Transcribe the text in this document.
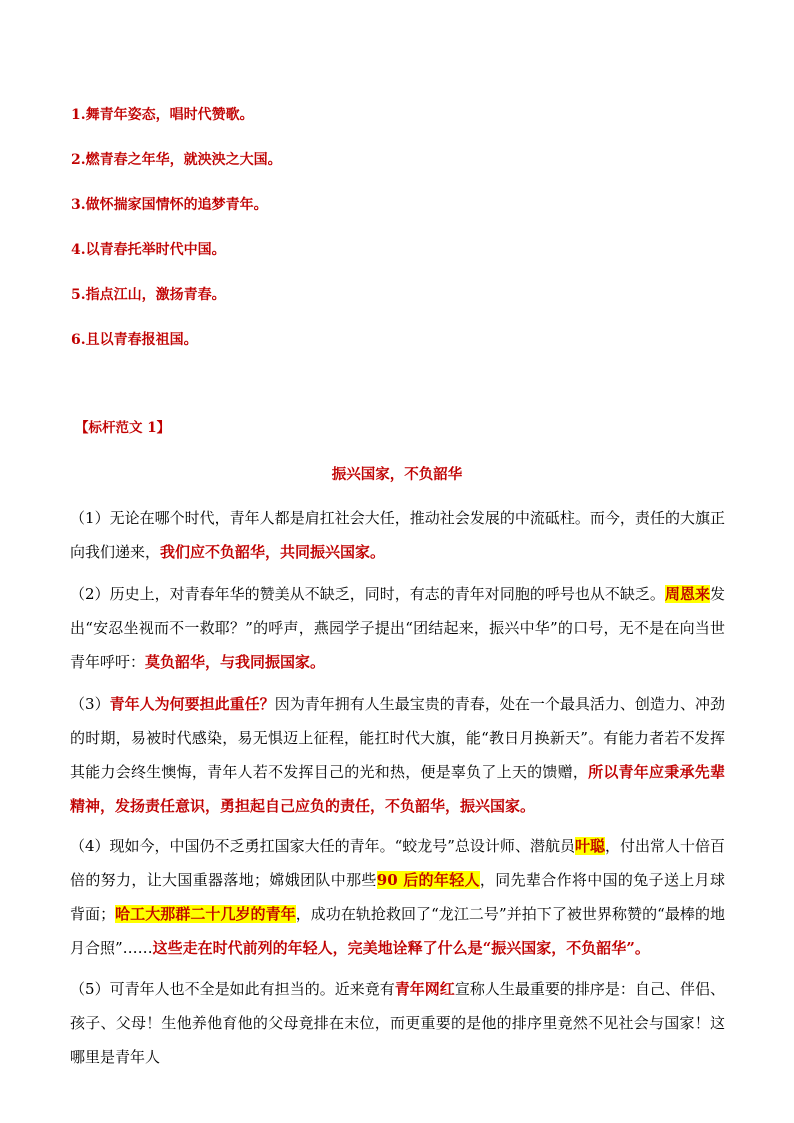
1.舞青年姿态，唱时代赞歌。
2.燃青春之年华，就泱泱之大国。
3.做怀揣家国情怀的追梦青年。
4.以青春托举时代中国。
5.指点江山，激扬青春。
6.且以青春报祖国。
【标杆范文 1】
振兴国家，不负韶华

（1）无论在哪个时代，青年人都是肩扛社会大任，推动社会发展的中流砥柱。而今，责任的大旗正向我们递来，我们应不负韶华，共同振兴国家。

（2）历史上，对青春年华的赞美从不缺乏，同时，有志的青年对同胞的呼号也从不缺乏。周恩来发出“安忍坐视而不一救耶？”的呼声，燕园学子提出“团结起来，振兴中华”的口号，无不是在向当世青年呼吁：莫负韶华，与我同振国家。

（3）青年人为何要担此重任？因为青年拥有人生最宝贵的青春，处在一个最具活力、创造力、冲劲的时期，易被时代感染，易无惧迈上征程，能扛时代大旗，能“教日月换新天”。有能力者若不发挥其能力会终生懊悔，青年人若不发挥目己的光和热，便是辜负了上天的馈赠，所以青年应秉承先辈精神，发扬责任意识，勇担起自己应负的责任，不负韶华，振兴国家。

（4）现如今，中国仍不乏勇扛国家大任的青年。“蛟龙号”总设计师、潜航员叶聪，付出常人十倍百倍的努力，让大国重器落地；嫦娥团队中那些90 后的年轻人，同先辈合作将中国的兔子送上月球背面；哈工大那群二十几岁的青年，成功在轨抢救回了“龙江二号”并拍下了被世界称赞的“最棒的地月合照”……这些走在时代前列的年轻人，完美地诠释了什么是“振兴国家，不负韶华”。

（5）可青年人也不全是如此有担当的。近来竟有青年网红宣称人生最重要的排序是：自己、伴侣、孩子、父母！生他养他育他的父母竟排在末位，而更重要的是他的排序里竟然不见社会与国家！这哪里是青年人
